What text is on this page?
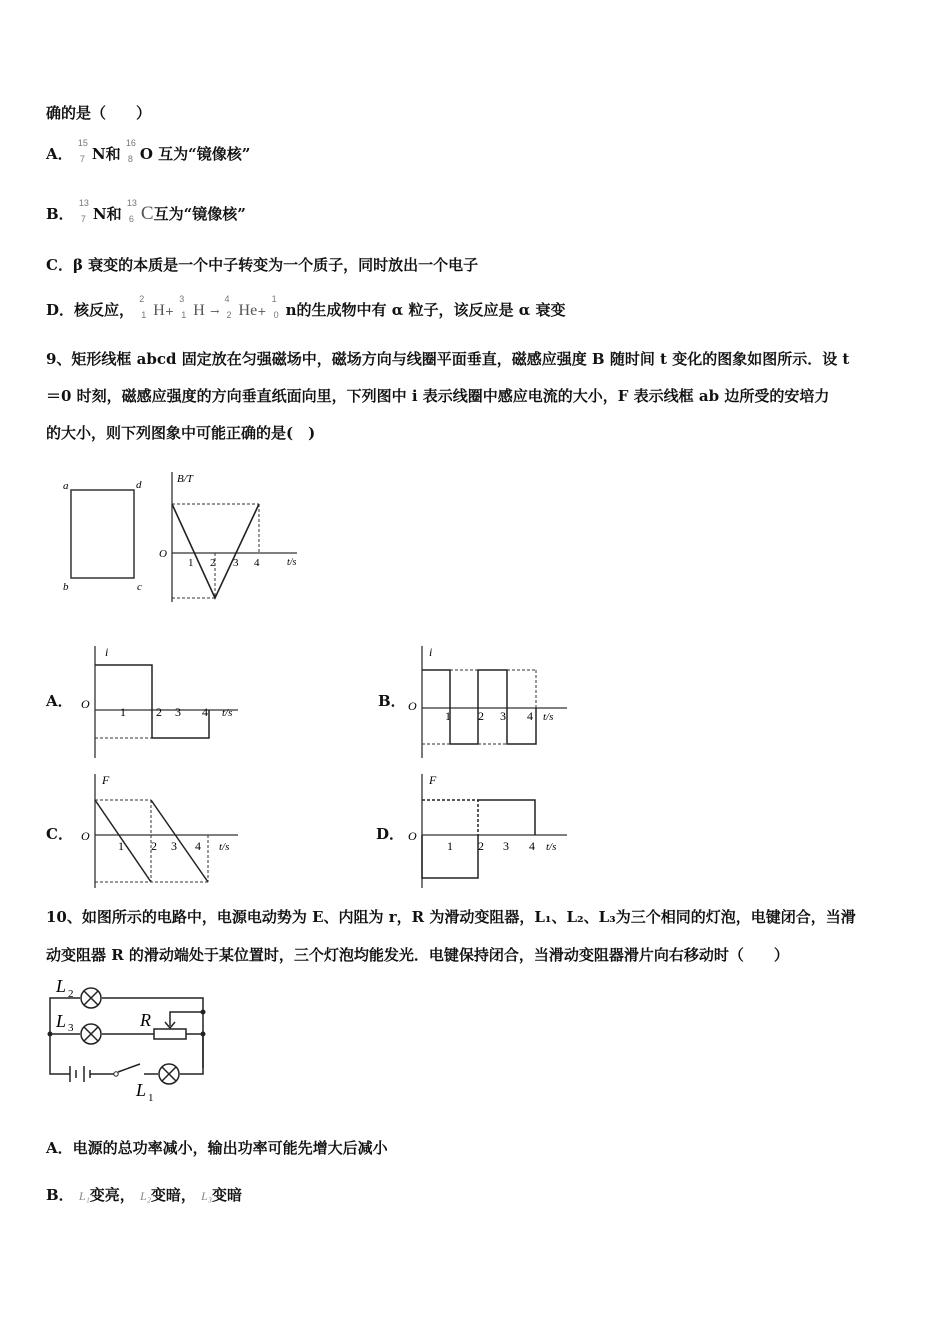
确的是（　　）
A．
15
7 N和
16
8 O 互为“镜像核”
B．
13
7 N和
13
6 C互为“镜像核”
C．β 衰变的本质是一个中子转变为一个质子，同时放出一个电子
D．核反应，
2
1 H+
3
1 H →
4
2 He+
1
0 n的生成物中有 α 粒子，该反应是 α 衰变
9、矩形线框 abcd 固定放在匀强磁场中，磁场方向与线圈平面垂直，磁感应强度 B 随时间 t 变化的图象如图所示．设 t
＝0 时刻，磁感应强度的方向垂直纸面向里，下列图中 i 表示线圈中感应电流的大小，F 表示线框 ab 边所受的安培力
的大小，则下列图象中可能正确的是(　)
a	d
b	c
B/T
t/s
O
1 2 3 4
A．
i
O
t/s
1	2 3 4
B．
i
O
t/s
1 2 3 4
C．
F
O
t/s
1 2 3 4
D．
F
O
t/s
1 2 3 4
10、如图所示的电路中，电源电动势为 E、内阻为 r，R 为滑动变阻器，L₁、L₂、L₃为三个相同的灯泡，电键闭合，当滑
动变阻器 R 的滑动端处于某位置时，三个灯泡均能发光．电键保持闭合，当滑动变阻器滑片向右移动时（　　）
L 2
L 3	R
L 1
A．电源的总功率减小，输出功率可能先增大后减小
B． L₁变亮， L₂变暗， L₃变暗
